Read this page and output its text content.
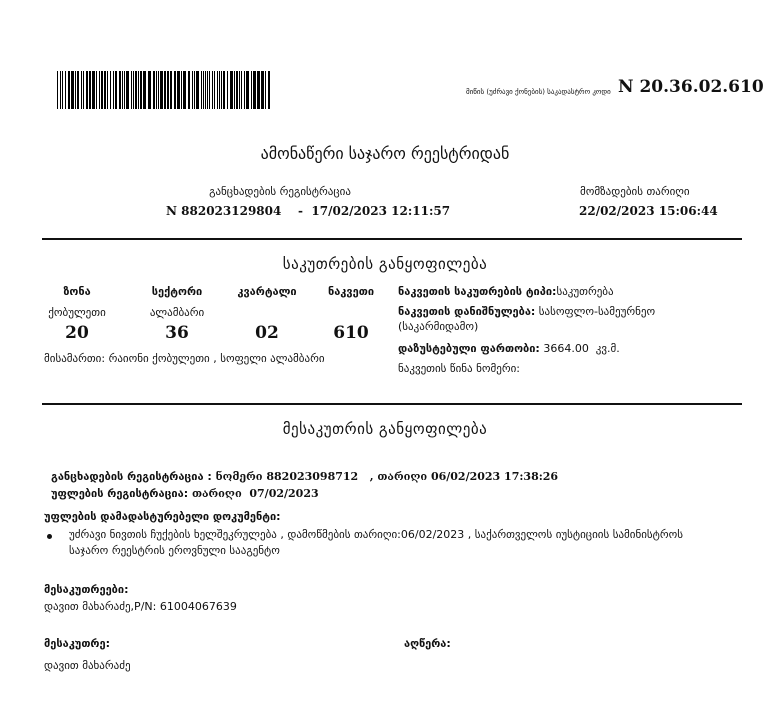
მიწის (უძრავი ქონების) საკადასტრო კოდი N 20.36.02.610
ამონაწერი საჯარო რეესტრიდან
განცხადების რეგისტრაცია
N 882023129804    -  17/02/2023 12:11:57
მომზადების თარიღი
22/02/2023 15:06:44
საკუთრების განყოფილება
ზონა	სექტორი	კვარტალი	ნაკვეთი
ქობულეთი	ალამბარი
20	36	02	610
მისამართი: რაიონი ქობულეთი , სოფელი ალამბარი
ნაკვეთის საკუთრების ტიპი:საკუთრება
ნაკვეთის დანიშნულება: სასოფლო-სამეურნეო
(საკარმიდამო)
დაზუსტებული ფართობი: 3664.00  კვ.მ.
ნაკვეთის წინა ნომერი:
მესაკუთრის განყოფილება

განცხადების რეგისტრაცია : ნომერი 882023098712   , თარიღი 06/02/2023 17:38:26

უფლების რეგისტრაცია: თარიღი  07/02/2023

უფლების დამადასტურებელი დოკუმენტი:
უძრავი ნივთის ჩუქების ხელშეკრულება , დამოწმების თარიღი:06/02/2023 , საქართველოს იუსტიციის სამინისტროს
საჯარო რეესტრის ეროვნული სააგენტო
მესაკუთრეები:
დავით მახარაძე,P/N: 61004067639
მესაკუთრე:
დავით მახარაძე
აღწერა:
